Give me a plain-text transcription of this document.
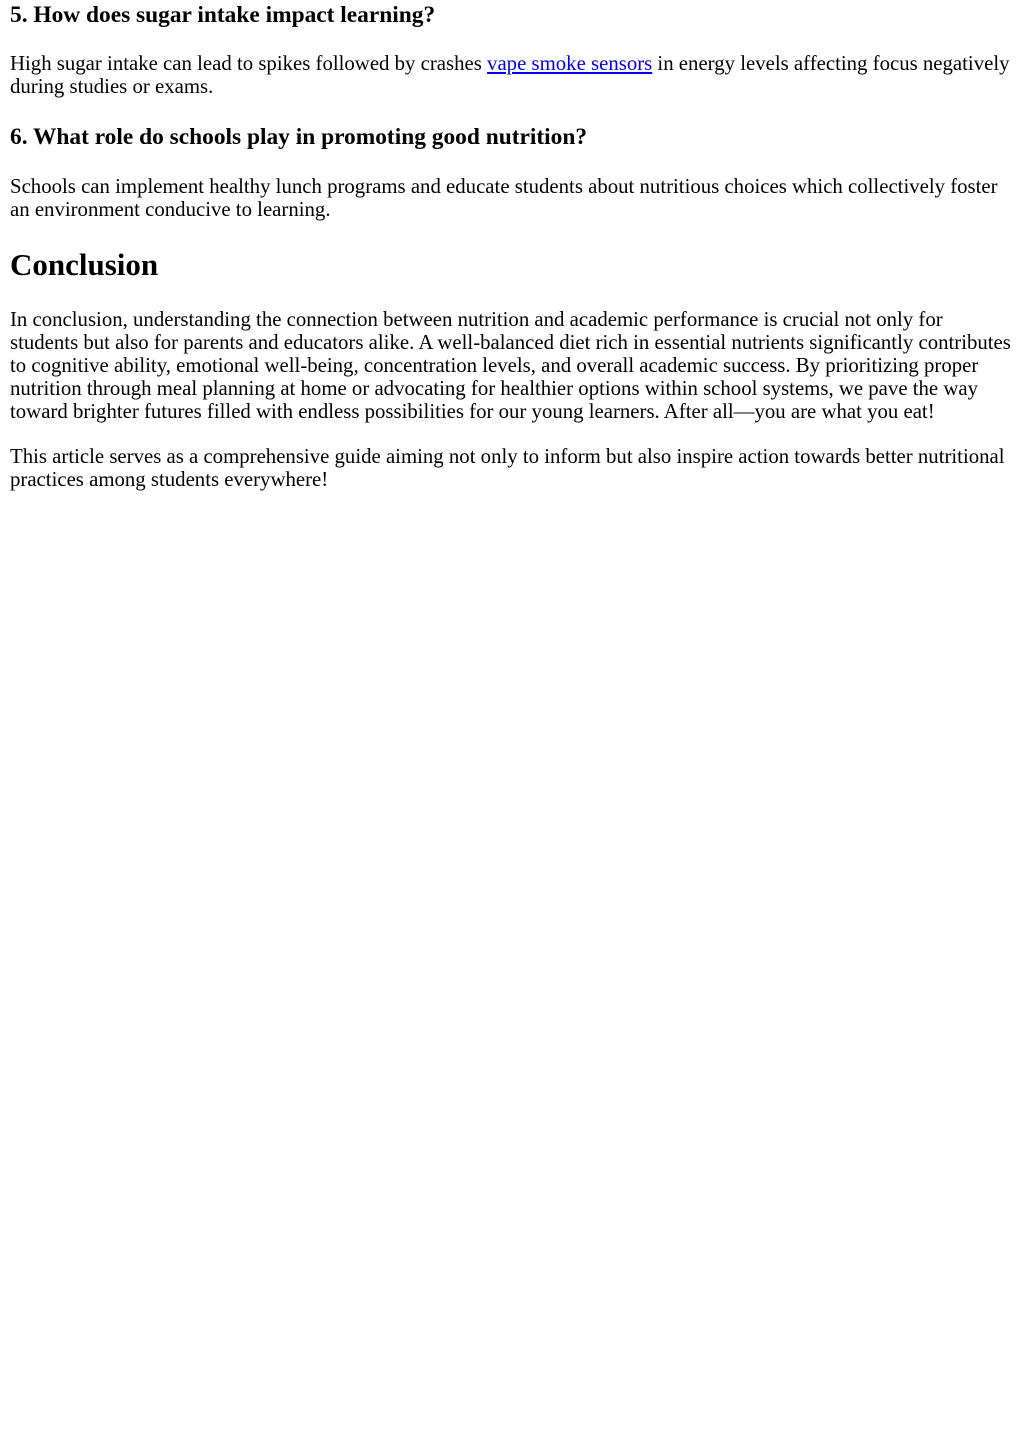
5. How does sugar intake impact learning?

High sugar intake can lead to spikes followed by crashes vape smoke sensors in energy levels affecting focus negatively during studies or exams.

6. What role do schools play in promoting good nutrition?

Schools can implement healthy lunch programs and educate students about nutritious choices which collectively foster an environment conducive to learning.

Conclusion

In conclusion, understanding the connection between nutrition and academic performance is crucial not only for students but also for parents and educators alike. A well-balanced diet rich in essential nutrients significantly contributes to cognitive ability, emotional well-being, concentration levels, and overall academic success. By prioritizing proper nutrition through meal planning at home or advocating for healthier options within school systems, we pave the way toward brighter futures filled with endless possibilities for our young learners. After all—you are what you eat!

This article serves as a comprehensive guide aiming not only to inform but also inspire action towards better nutritional practices among students everywhere!
